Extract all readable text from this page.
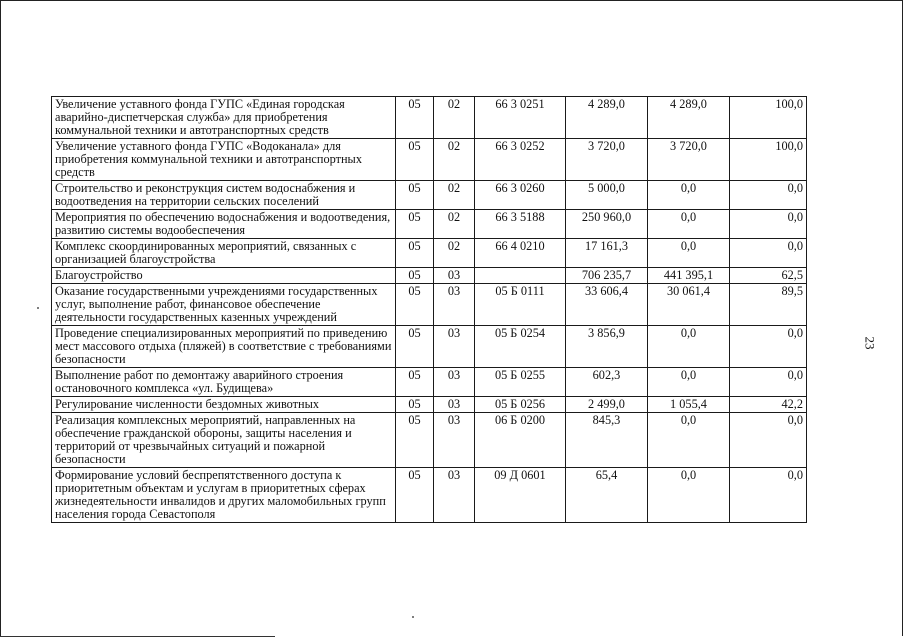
Увеличение уставного фонда ГУПС «Единая городская аварийно-диспетчерская служба» для приобретения коммунальной техники и автотранспортных средств	05	02	66 3 0251	4 289,0	4 289,0	100,0
Увеличение уставного фонда ГУПС «Водоканала» для приобретения коммунальной техники и автотранспортных средств	05	02	66 3 0252	3 720,0	3 720,0	100,0
Строительство и реконструкция систем водоснабжения и водоотведения на территории сельских поселений	05	02	66 3 0260	5 000,0	0,0	0,0
Мероприятия по обеспечению водоснабжения и водоотведения, развитию системы водообеспечения	05	02	66 3 5188	250 960,0	0,0	0,0
Комплекс скоординированных мероприятий, связанных с организацией благоустройства	05	02	66 4 0210	17 161,3	0,0	0,0
Благоустройство	05	03		706 235,7	441 395,1	62,5
Оказание государственными учреждениями государственных услуг, выполнение работ, финансовое обеспечение деятельности государственных казенных учреждений	05	03	05 Б 0111	33 606,4	30 061,4	89,5
Проведение специализированных мероприятий по приведению мест массового отдыха (пляжей) в соответствие с требованиями безопасности	05	03	05 Б 0254	3 856,9	0,0	0,0
Выполнение работ по демонтажу аварийного строения остановочного комплекса «ул. Будищева»	05	03	05 Б 0255	602,3	0,0	0,0
Регулирование численности бездомных животных	05	03	05 Б 0256	2 499,0	1 055,4	42,2
Реализация комплексных мероприятий, направленных на обеспечение гражданской обороны, защиты населения и территорий от чрезвычайных ситуаций и пожарной безопасности	05	03	06 Б 0200	845,3	0,0	0,0
Формирование условий беспрепятственного доступа к приоритетным объектам и услугам в приоритетных сферах жизнедеятельности инвалидов и других маломобильных групп населения города Севастополя	05	03	09 Д 0601	65,4	0,0	0,0
23
